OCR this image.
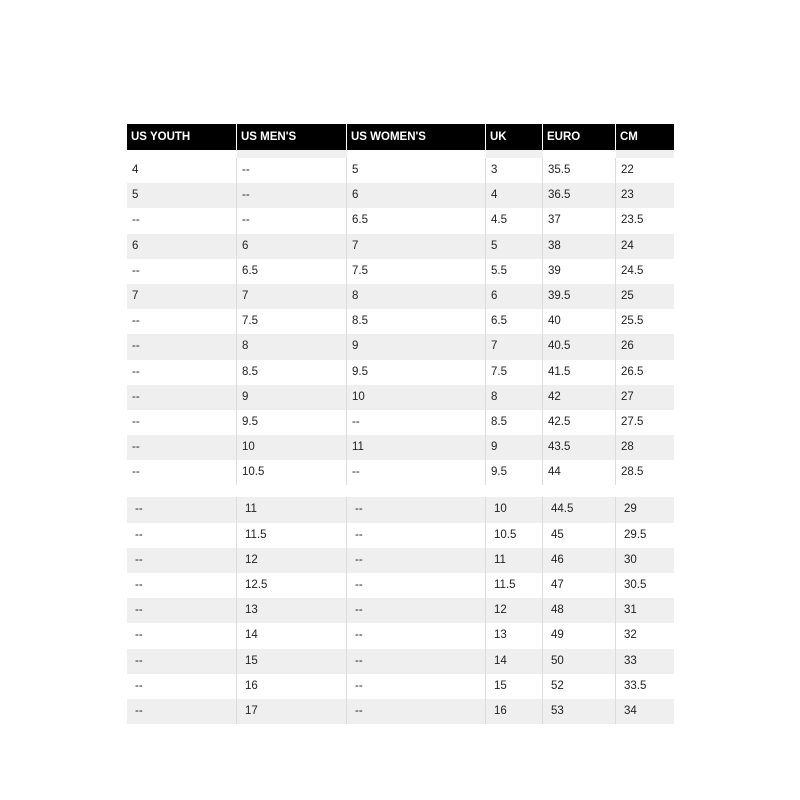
US YOUTH	US MEN'S	US WOMEN'S	UK	EURO	CM
4	--	5	3	35.5	22
5	--	6	4	36.5	23
--	--	6.5	4.5	37	23.5
6	6	7	5	38	24
--	6.5	7.5	5.5	39	24.5
7	7	8	6	39.5	25
--	7.5	8.5	6.5	40	25.5
--	8	9	7	40.5	26
--	8.5	9.5	7.5	41.5	26.5
--	9	10	8	42	27
--	9.5	--	8.5	42.5	27.5
--	10	11	9	43.5	28
--	10.5	--	9.5	44	28.5
--	11	--	10	44.5	29
--	11.5	--	10.5	45	29.5
--	12	--	11	46	30
--	12.5	--	11.5	47	30.5
--	13	--	12	48	31
--	14	--	13	49	32
--	15	--	14	50	33
--	16	--	15	52	33.5
--	17	--	16	53	34
